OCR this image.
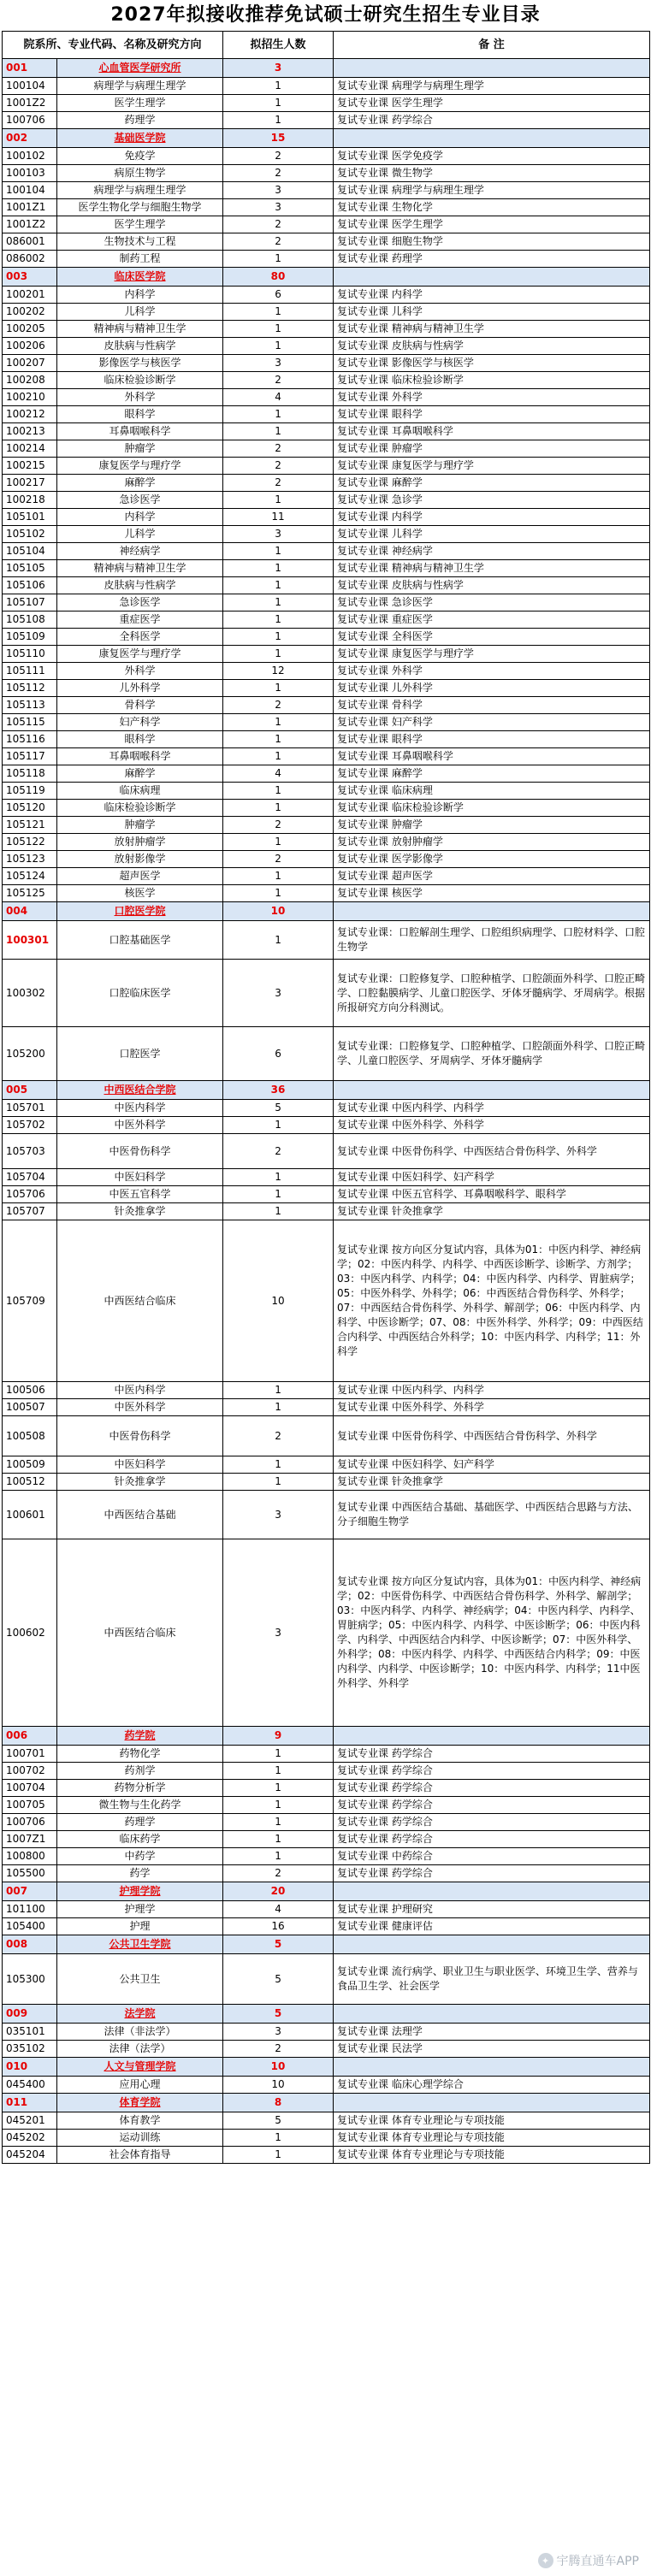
2027年拟接收推荐免试硕士研究生招生专业目录
院系所、专业代码、名称及研究方向		拟招生人数	备 注
001	心血管医学研究所	3	
100104	病理学与病理生理学	1	复试专业课 病理学与病理生理学
1001Z2	医学生理学	1	复试专业课 医学生理学
100706	药理学	1	复试专业课 药学综合
002	基础医学院	15	
100102	免疫学	2	复试专业课 医学免疫学
100103	病原生物学	2	复试专业课 微生物学
100104	病理学与病理生理学	3	复试专业课 病理学与病理生理学
1001Z1	医学生物化学与细胞生物学	3	复试专业课 生物化学
1001Z2	医学生理学	2	复试专业课 医学生理学
086001	生物技术与工程	2	复试专业课 细胞生物学
086002	制药工程	1	复试专业课 药理学
003	临床医学院	80	
100201	内科学	6	复试专业课 内科学
100202	儿科学	1	复试专业课 儿科学
100205	精神病与精神卫生学	1	复试专业课 精神病与精神卫生学
100206	皮肤病与性病学	1	复试专业课 皮肤病与性病学
100207	影像医学与核医学	3	复试专业课 影像医学与核医学
100208	临床检验诊断学	2	复试专业课 临床检验诊断学
100210	外科学	4	复试专业课 外科学
100212	眼科学	1	复试专业课 眼科学
100213	耳鼻咽喉科学	1	复试专业课 耳鼻咽喉科学
100214	肿瘤学	2	复试专业课 肿瘤学
100215	康复医学与理疗学	2	复试专业课 康复医学与理疗学
100217	麻醉学	2	复试专业课 麻醉学
100218	急诊医学	1	复试专业课 急诊学
105101	内科学	11	复试专业课 内科学
105102	儿科学	3	复试专业课 儿科学
105104	神经病学	1	复试专业课 神经病学
105105	精神病与精神卫生学	1	复试专业课 精神病与精神卫生学
105106	皮肤病与性病学	1	复试专业课 皮肤病与性病学
105107	急诊医学	1	复试专业课 急诊医学
105108	重症医学	1	复试专业课 重症医学
105109	全科医学	1	复试专业课 全科医学
105110	康复医学与理疗学	1	复试专业课 康复医学与理疗学
105111	外科学	12	复试专业课 外科学
105112	儿外科学	1	复试专业课 儿外科学
105113	骨科学	2	复试专业课 骨科学
105115	妇产科学	1	复试专业课 妇产科学
105116	眼科学	1	复试专业课 眼科学
105117	耳鼻咽喉科学	1	复试专业课 耳鼻咽喉科学
105118	麻醉学	4	复试专业课 麻醉学
105119	临床病理	1	复试专业课 临床病理
105120	临床检验诊断学	1	复试专业课 临床检验诊断学
105121	肿瘤学	2	复试专业课 肿瘤学
105122	放射肿瘤学	1	复试专业课 放射肿瘤学
105123	放射影像学	2	复试专业课 医学影像学
105124	超声医学	1	复试专业课 超声医学
105125	核医学	1	复试专业课 核医学
004	口腔医学院	10	
100301	口腔基础医学	1	复试专业课：口腔解剖生理学、口腔组织病理学、口腔材料学、口腔生物学
100302	口腔临床医学	3	复试专业课：口腔修复学、口腔种植学、口腔颌面外科学、口腔正畸学、口腔黏膜病学、儿童口腔医学、牙体牙髓病学、牙周病学。根据所报研究方向分科测试。
105200	口腔医学	6	复试专业课：口腔修复学、口腔种植学、口腔颌面外科学、口腔正畸学、儿童口腔医学、牙周病学、牙体牙髓病学
005	中西医结合学院	36	
105701	中医内科学	5	复试专业课 中医内科学、内科学
105702	中医外科学	1	复试专业课 中医外科学、外科学
105703	中医骨伤科学	2	复试专业课 中医骨伤科学、中西医结合骨伤科学、外科学
105704	中医妇科学	1	复试专业课 中医妇科学、妇产科学
105706	中医五官科学	1	复试专业课 中医五官科学、耳鼻咽喉科学、眼科学
105707	针灸推拿学	1	复试专业课 针灸推拿学
105709	中西医结合临床	10	复试专业课 按方向区分复试内容，具体为01：中医内科学、神经病学；02：中医内科学、内科学、中西医诊断学、诊断学、方剂学；03：中医内科学、内科学；04：中医内科学、内科学、胃脏病学；05：中医外科学、外科学；06：中西医结合骨伤科学、外科学；07：中西医结合骨伤科学、外科学、解剖学；06：中医内科学、内科学、中医诊断学；07、08：中医外科学、外科学；09：中西医结合内科学、中西医结合外科学；10：中医内科学、内科学；11：外科学
100506	中医内科学	1	复试专业课 中医内科学、内科学
100507	中医外科学	1	复试专业课 中医外科学、外科学
100508	中医骨伤科学	2	复试专业课 中医骨伤科学、中西医结合骨伤科学、外科学
100509	中医妇科学	1	复试专业课 中医妇科学、妇产科学
100512	针灸推拿学	1	复试专业课 针灸推拿学
100601	中西医结合基础	3	复试专业课 中西医结合基础、基础医学、中西医结合思路与方法、分子细胞生物学
100602	中西医结合临床	3	复试专业课 按方向区分复试内容，具体为01：中医内科学、神经病学；02：中医骨伤科学、中西医结合骨伤科学、外科学、解剖学；03：中医内科学、内科学、神经病学；04：中医内科学、内科学、胃脏病学；05：中医内科学、内科学、中医诊断学；06：中医内科学、内科学、中西医结合内科学、中医诊断学；07：中医外科学、外科学；08：中医内科学、内科学、中西医结合内科学；09：中医内科学、内科学、中医诊断学；10：中医内科学、内科学；11中医外科学、外科学
006	药学院	9	
100701	药物化学	1	复试专业课 药学综合
100702	药剂学	1	复试专业课 药学综合
100704	药物分析学	1	复试专业课 药学综合
100705	微生物与生化药学	1	复试专业课 药学综合
100706	药理学	1	复试专业课 药学综合
1007Z1	临床药学	1	复试专业课 药学综合
100800	中药学	1	复试专业课 中药综合
105500	药学	2	复试专业课 药学综合
007	护理学院	20	
101100	护理学	4	复试专业课 护理研究
105400	护理	16	复试专业课 健康评估
008	公共卫生学院	5	
105300	公共卫生	5	复试专业课 流行病学、职业卫生与职业医学、环境卫生学、营养与食品卫生学、社会医学
009	法学院	5	
035101	法律（非法学）	3	复试专业课 法理学
035102	法律（法学）	2	复试专业课 民法学
010	人文与管理学院	10	
045400	应用心理	10	复试专业课 临床心理学综合
011	体育学院	8	
045201	体育教学	5	复试专业课 体育专业理论与专项技能
045202	运动训练	1	复试专业课 体育专业理论与专项技能
045204	社会体育指导	1	复试专业课 体育专业理论与专项技能
✦ 宇腾直通车APP
